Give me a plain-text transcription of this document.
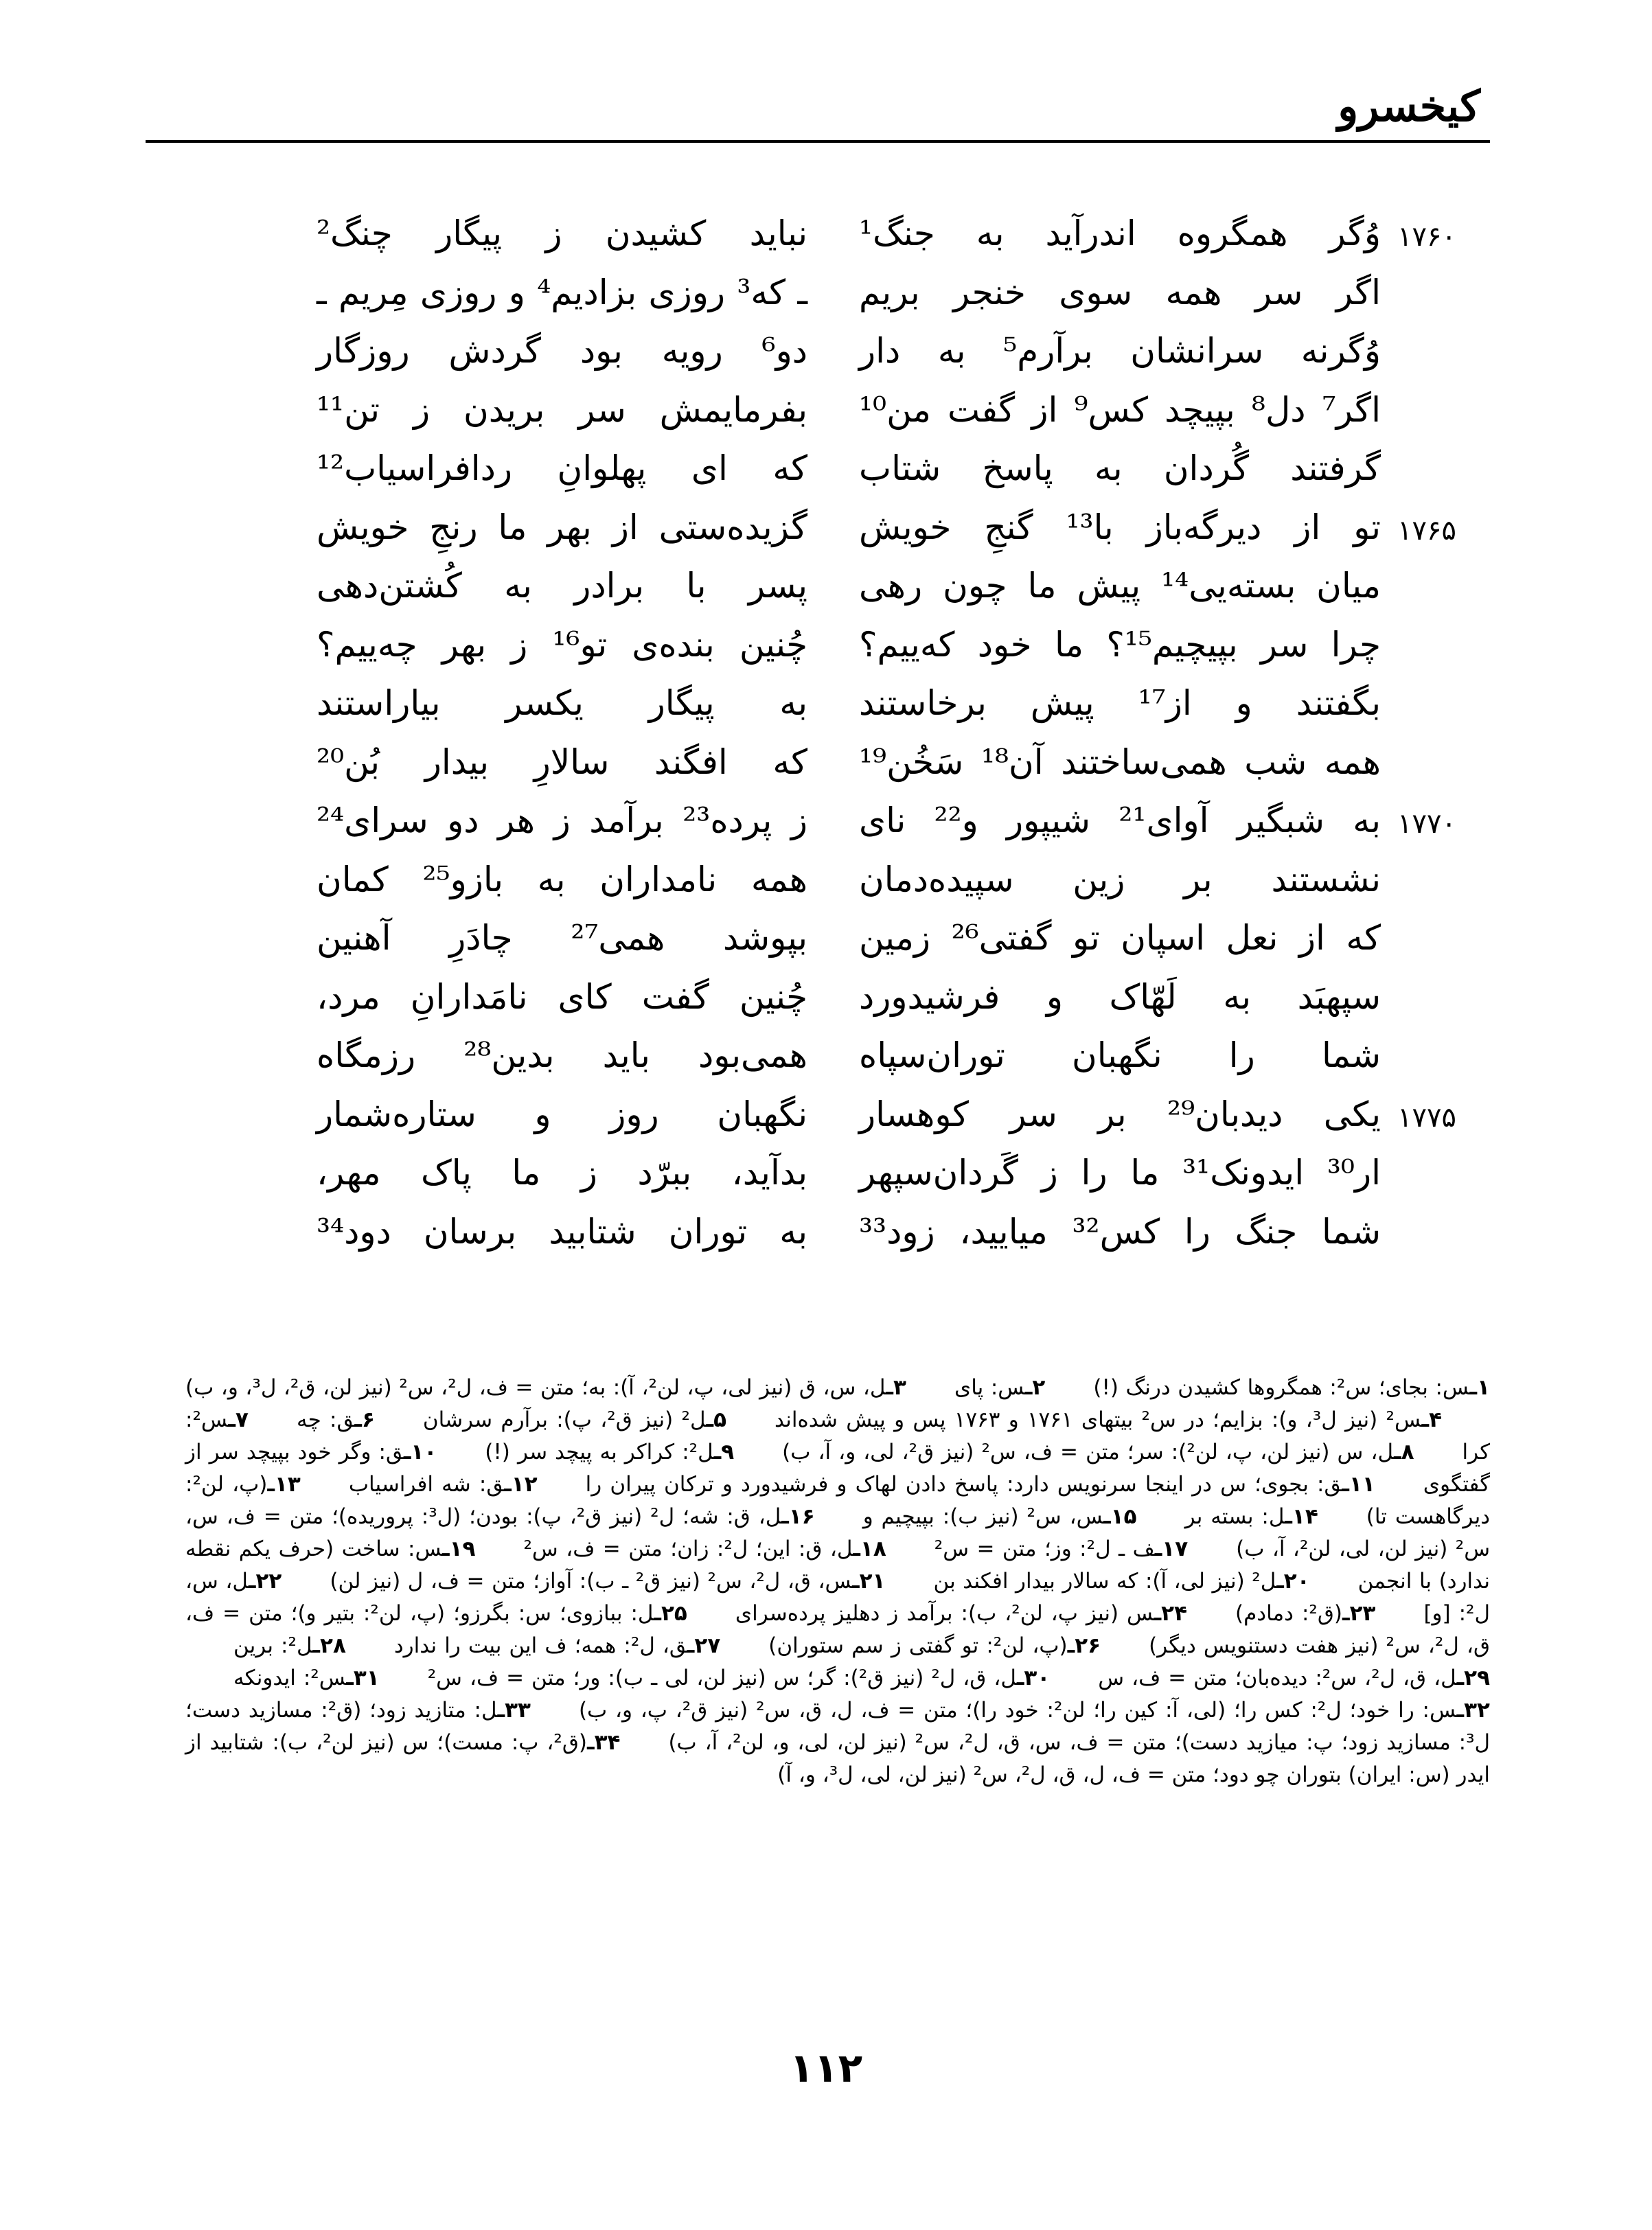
کیخسرو
۱۷۶۰
وُگر همگروه اندرآید به جنگ¹
نباید کشیدن ز پیگار چنگ²
اگر سر همه سوی خنجر بریم
ـ که³ روزی بزادیم⁴ و روزی مِریم ـ
وُگرنه سرانشان برآرم⁵ به دار
دو⁶ رویه بود گردش روزگار
اگر⁷ دل⁸ بپیچد کس⁹ از گفت من¹⁰
بفرمایمش سر بریدن ز تن¹¹
گرفتند گُردان به پاسخ شتاب
که ای پهلوانِ ردافراسیاب¹²
۱۷۶۵
تو از دیرگه‌باز با¹³ گنجِ خویش
گزیده‌ستی از بهر ما رنجِ خویش
میان بسته‌یی¹⁴ پیش ما چون رهی
پسر با برادر به کُشتن‌دهی
چرا سر بپیچیم¹⁵؟ ما خود که‌ییم؟
چُنین بنده‌ی تو¹⁶ ز بهر چه‌ییم؟
بگفتند و از¹⁷ پیش برخاستند
به پیگار یکسر بیاراستند
همه شب همی‌ساختند آن¹⁸ سَخُن¹⁹
که افگند سالارِ بیدار بُن²⁰
۱۷۷۰
به شبگیر آوای²¹ شیپور و²² نای
ز پرده²³ برآمد ز هر دو سرای²⁴
نشستند بر زین سپیده‌دمان
همه نامداران به بازو²⁵ کمان
که از نعل اسپان تو گفتی²⁶ زمین
بپوشد همی²⁷ چادَرِ آهنین
سپهبَد به لَهّاک و فرشیدورد
چُنین گفت کای نامَدارانِ مرد،
شما را نگهبان توران‌سپاه
همی‌بود باید بدین²⁸ رزمگاه
۱۷۷۵
یکی دیدبان²⁹ بر سر کوهسار
نگهبان روز و ستاره‌شمار
ار³⁰ ایدونک³¹ ما را ز گَردان‌سپهر
بدآید، ببرّد ز ما پاک مهر،
شما جنگ را کس³² میایید، زود³³
به توران شتابید برسان دود³⁴
۱‏ـس: بجای؛ س²: همگروها کشیدن درنگ (!)۲‏ـس: پای۳‏ـل، س، ق (نیز لی، پ، لن²، آ): به؛ متن = ف، ل²، س² (نیز لن، ق²، ل³، و، ب)۴‏ـس² (نیز ل³، و): بزایم؛ در س² بیتهای ۱۷۶۱ و ۱۷۶۳ پس و پیش شده‌اند۵‏ـل² (نیز ق²، پ): برآرم سرشان۶‏ـق: چه۷‏ـس²: کرا۸‏ـل، س (نیز لن، پ، لن²): سر؛ متن = ف، س² (نیز ق²، لی، و، آ، ب)۹‏ـل²: کراکر به پیچد سر (!)۱۰‏ـق: وگر خود بپیچد سر از گفتگوی۱۱‏ـق: بجوی؛ س در اینجا سرنویس دارد: پاسخ دادن لهاک و فرشیدورد و ترکان پیران را۱۲‏ـق: شه افراسیاب۱۳‏ـ(پ، لن²: دیرگاهست تا)۱۴‏ـل: بسته بر۱۵‏ـس، س² (نیز ب): بپیچیم و۱۶‏ـل، ق: شه؛ ل² (نیز ق²، پ): بودن؛ (ل³: پروریده)؛ متن = ف، س، س² (نیز لن، لی، لن²، آ، ب)۱۷‏ـف ـ ل²: وز؛ متن = س²۱۸‏ـل، ق: این؛ ل²: زان؛ متن = ف، س²۱۹‏ـس: ساخت (حرف یکم نقطه ندارد) با انجمن۲۰‏ـل² (نیز لی، آ): که سالار بیدار افکند بن۲۱‏ـس، ق، ل²، س² (نیز ق² ـ ب): آواز؛ متن = ف، ل (نیز لن)۲۲‏ـل، س، ل²: [و]۲۳‏ـ(ق²: دمادم)۲۴‏ـس (نیز پ، لن²، ب): برآمد ز دهلیز پرده‌سرای۲۵‏ـل: ببازوی؛ س: بگرزو؛ (پ، لن²: بتیر و)؛ متن = ف، ق، ل²، س² (نیز هفت دستنویس دیگر)۲۶‏ـ(پ، لن²: تو گفتی ز سم ستوران)۲۷‏ـق، ل²: همه؛ ف این بیت را ندارد۲۸‏ـل²: برین۲۹‏ـل، ق، ل²، س²: دیده‌بان؛ متن = ف، س۳۰‏ـل، ق، ل² (نیز ق²): گر؛ س (نیز لن، لی ـ ب): ور؛ متن = ف، س²۳۱‏ـس²: ایدونکه۳۲‏ـس: را خود؛ ل²: کس را؛ (لی، آ: کین را؛ لن²: خود را)؛ متن = ف، ل، ق، س² (نیز ق²، پ، و، ب)۳۳‏ـل: متازید زود؛ (ق²: مسازید دست؛ ل³: مسازید زود؛ پ: میازید دست)؛ متن = ف، س، ق، ل²، س² (نیز لن، لی، و، لن²، آ، ب)۳۴‏ـ(ق²، پ: مست)؛ س (نیز لن²، ب): شتابید از ایدر (س: ایران) بتوران چو دود؛ متن = ف، ل، ق، ل²، س² (نیز لن، لی، ل³، و، آ)
۱۱۲
